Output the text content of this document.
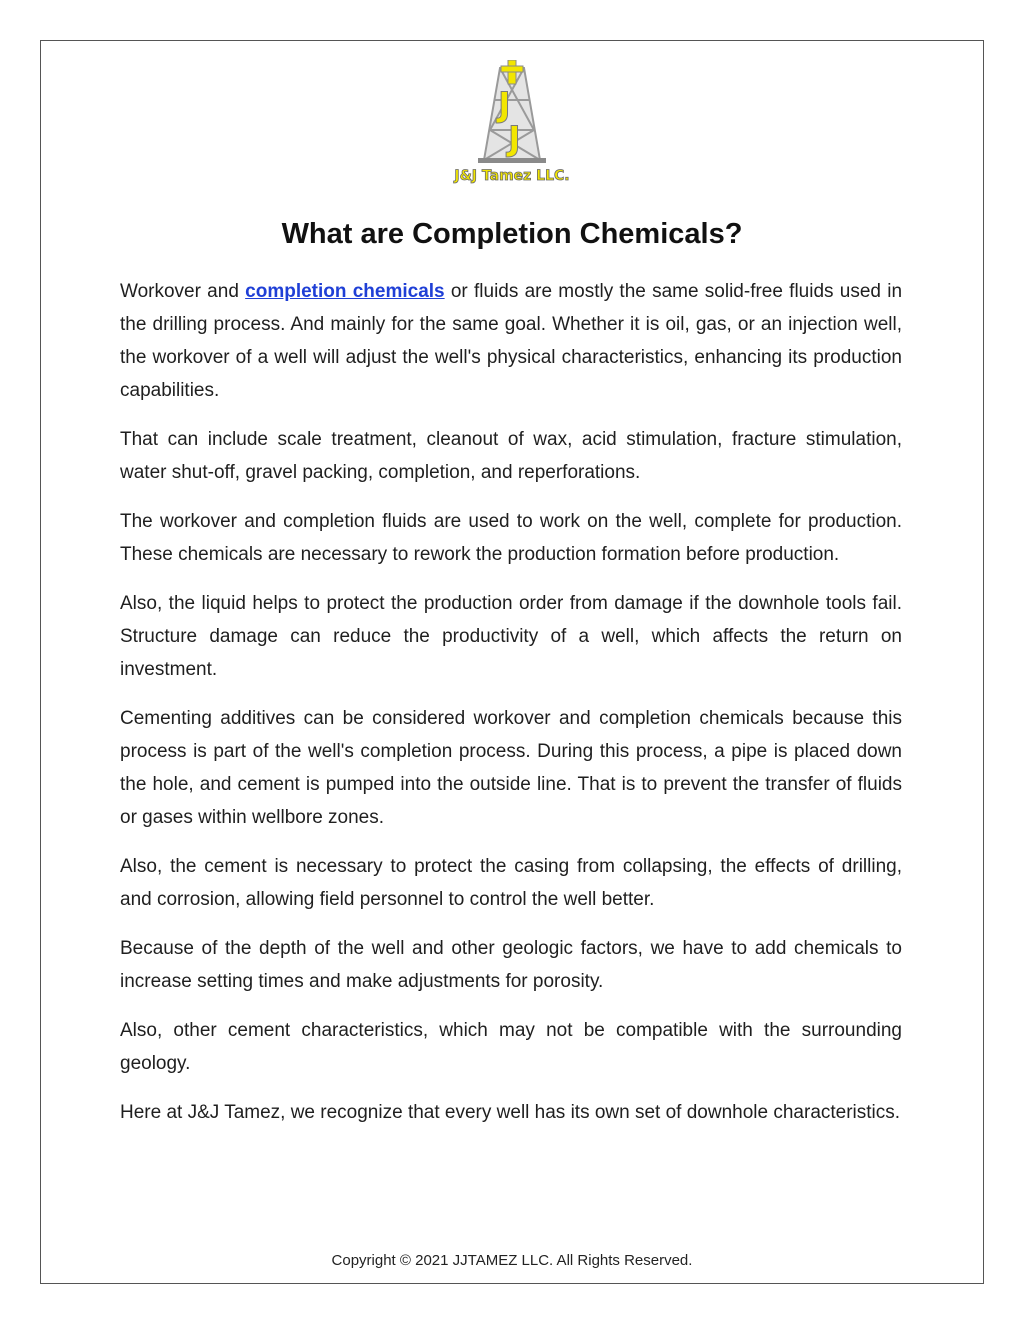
J
J
J&J Tamez LLC.
What are Completion Chemicals?

Workover and completion chemicals or fluids are mostly the same solid-free fluids used in the drilling process. And mainly for the same goal. Whether it is oil, gas, or an injection well, the workover of a well will adjust the well's physical characteristics, enhancing its production capabilities.

That can include scale treatment, cleanout of wax, acid stimulation, fracture stimulation, water shut-off, gravel packing, completion, and reperforations.

The workover and completion fluids are used to work on the well, complete for production. These chemicals are necessary to rework the production formation before production.

Also, the liquid helps to protect the production order from damage if the downhole tools fail. Structure damage can reduce the productivity of a well, which affects the return on investment.

Cementing additives can be considered workover and completion chemicals because this process is part of the well's completion process. During this process, a pipe is placed down the hole, and cement is pumped into the outside line. That is to prevent the transfer of fluids or gases within wellbore zones.

Also, the cement is necessary to protect the casing from collapsing, the effects of drilling, and corrosion, allowing field personnel to control the well better.

Because of the depth of the well and other geologic factors, we have to add chemicals to increase setting times and make adjustments for porosity.

Also, other cement characteristics, which may not be compatible with the surrounding geology.

Here at J&J Tamez, we recognize that every well has its own set of downhole characteristics.

Copyright © 2021 JJTAMEZ LLC. All Rights Reserved.
